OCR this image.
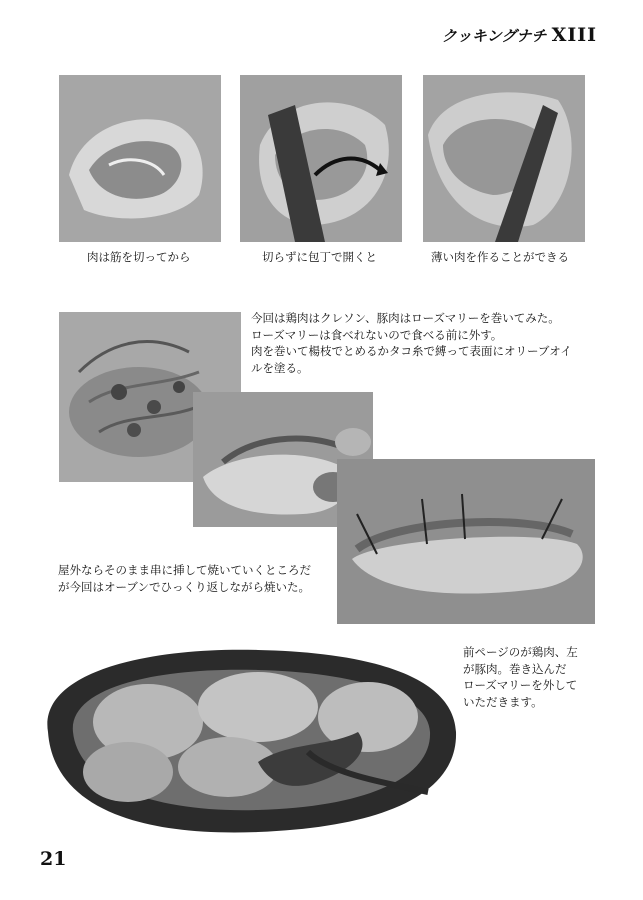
クッキングナチ XIII
肉は筋を切ってから	切らずに包丁で開くと	薄い肉を作ることができる
今回は鶏肉はクレソン、豚肉はローズマリーを巻いてみた。
ローズマリーは食べれないので食べる前に外す。
肉を巻いて楊枝でとめるかタコ糸で縛って表面にオリーブオイ
ルを塗る。
屋外ならそのまま串に挿して焼いていくところだ
が今回はオーブンでひっくり返しながら焼いた。
前ページのが鶏肉、左
が豚肉。巻き込んだ
ローズマリーを外して
いただきます。
21
